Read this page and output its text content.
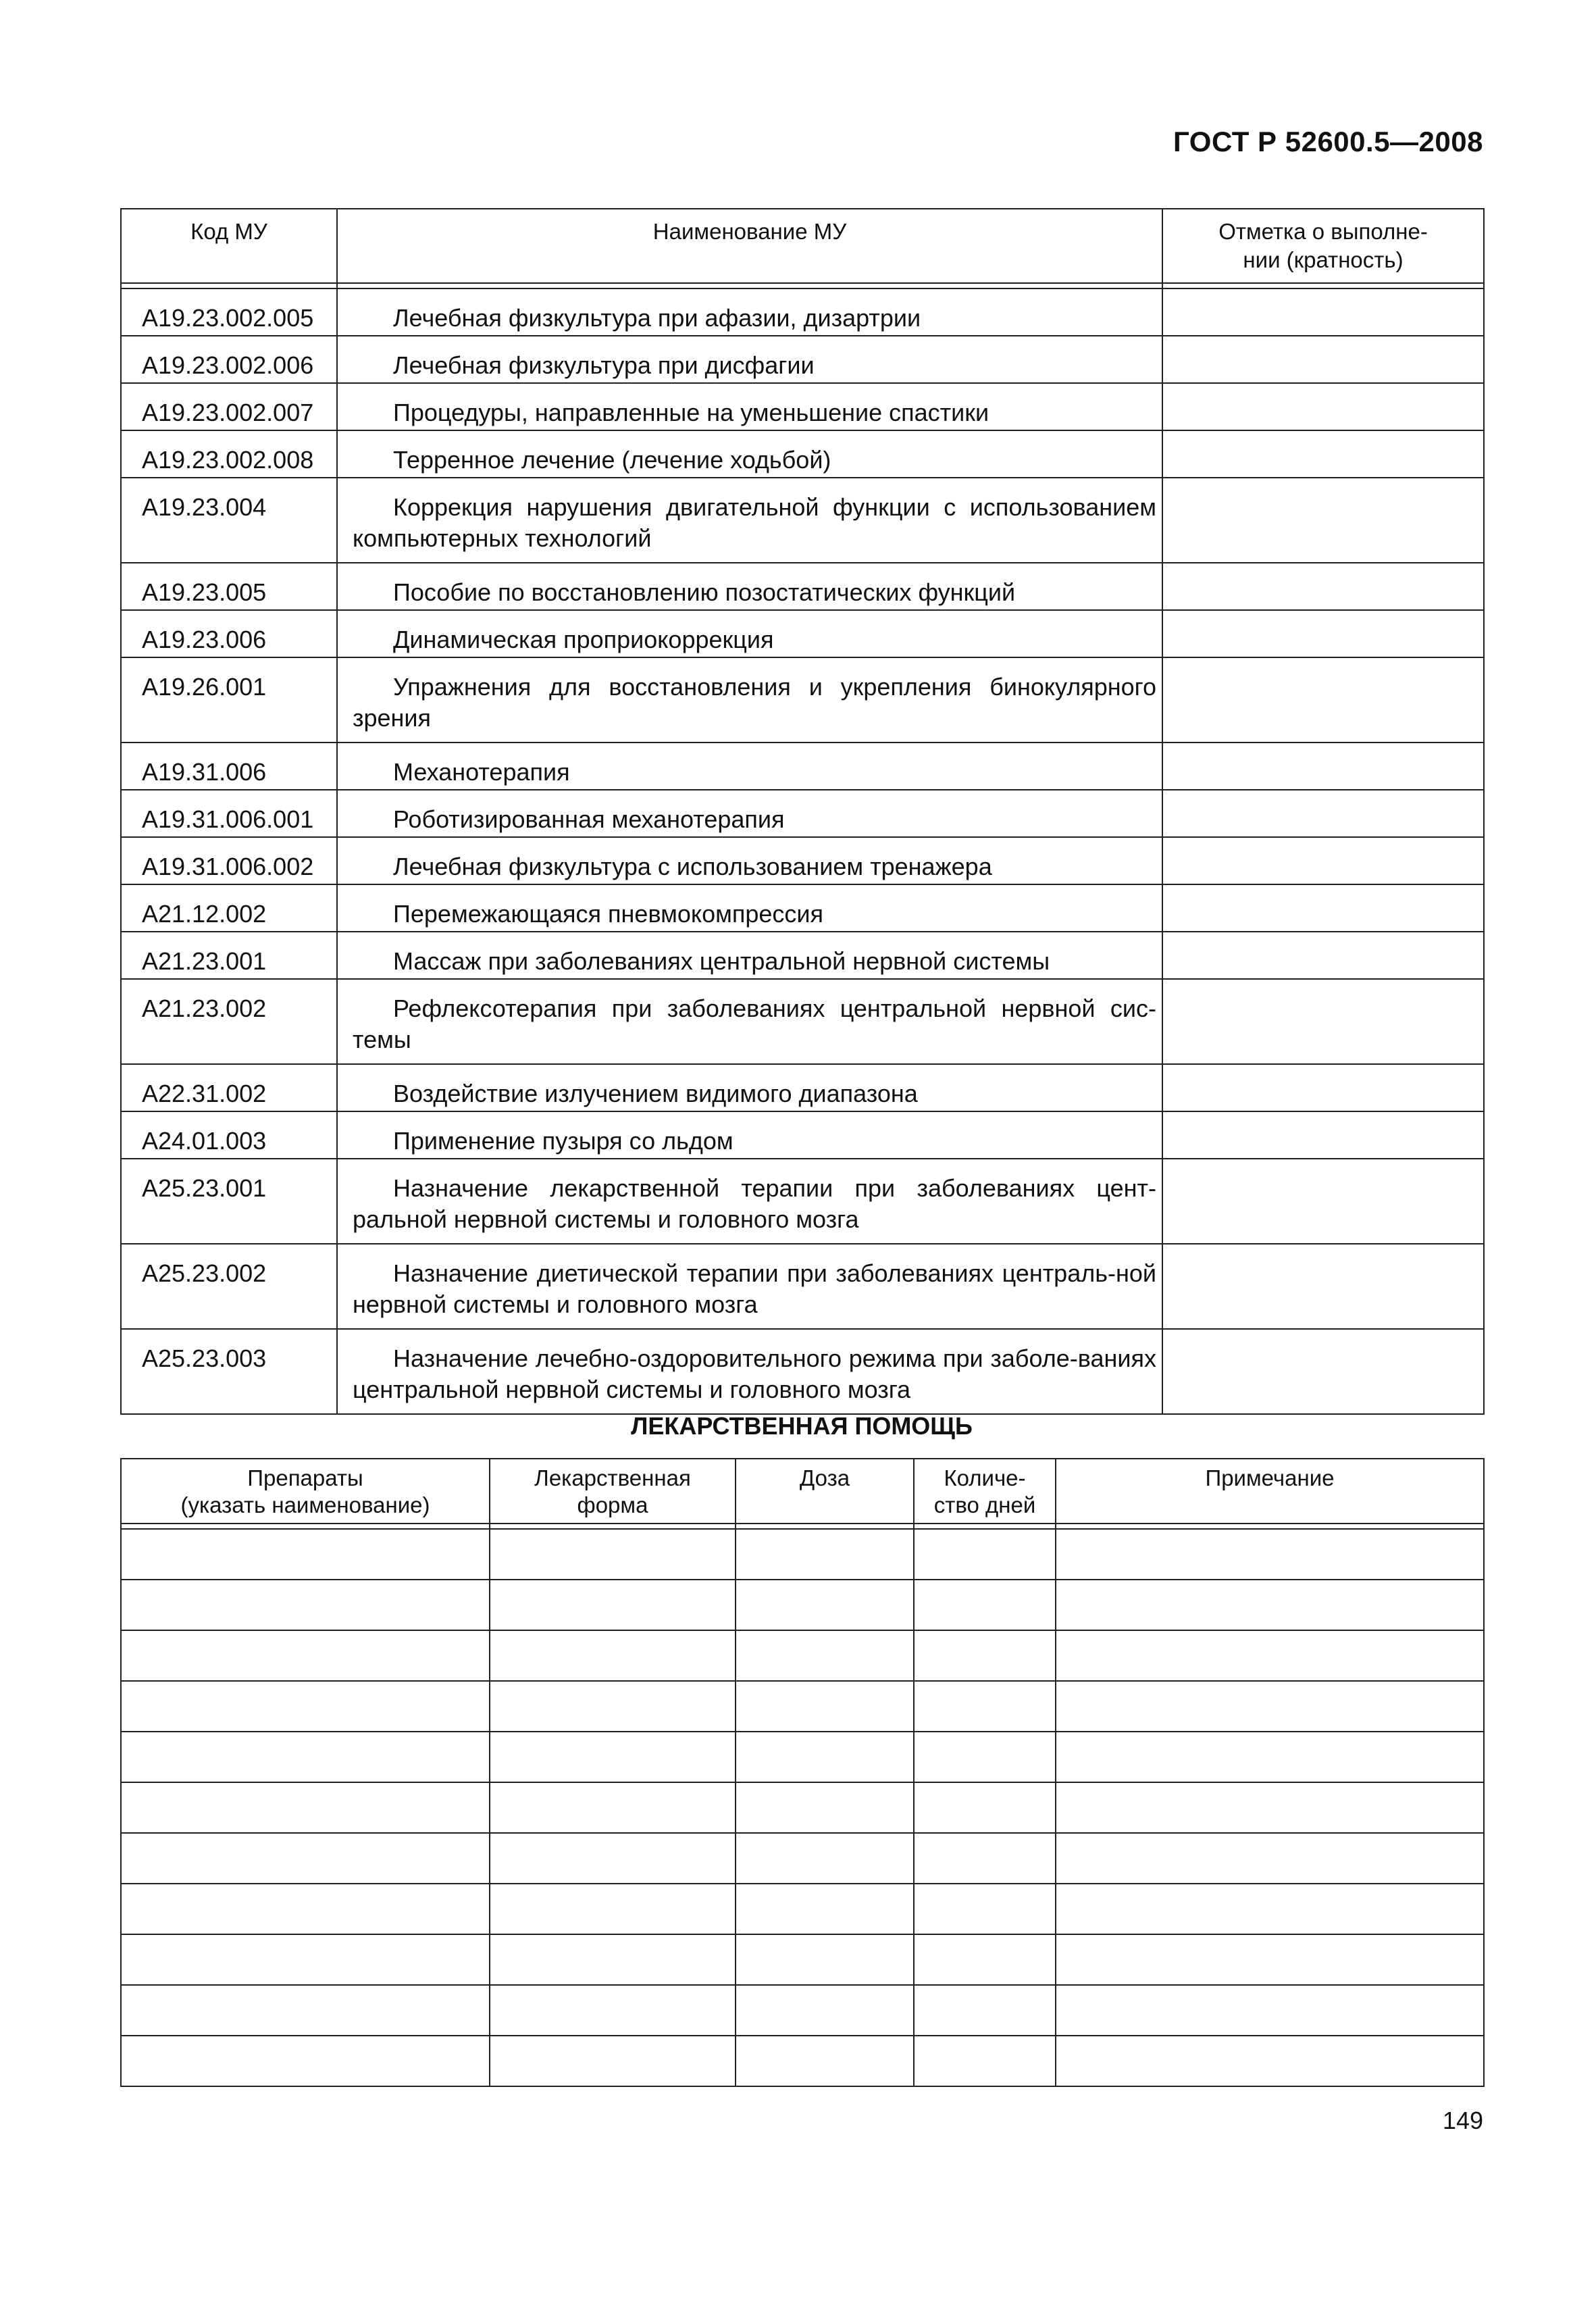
ГОСТ Р 52600.5—2008
Код МУ	Наименование МУ	Отметка о выполне-
нии (кратность)

A19.23.002.005	Лечебная физкультура при афазии, дизартрии	

A19.23.002.006	Лечебная физкультура при дисфагии	

A19.23.002.007	Процедуры, направленные на уменьшение спастики	

A19.23.002.008	Терренное лечение (лечение ходьбой)	

A19.23.004	Коррекция нарушения двигательной функции с использованием компьютерных технологий	

A19.23.005	Пособие по восстановлению позостатических функций	

A19.23.006	Динамическая проприокоррекция	

A19.26.001	Упражнения для восстановления и укрепления бинокулярного зрения	

A19.31.006	Механотерапия	

A19.31.006.001	Роботизированная механотерапия	

A19.31.006.002	Лечебная физкультура с использованием тренажера	

A21.12.002	Перемежающаяся пневмокомпрессия	

A21.23.001	Массаж при заболеваниях центральной нервной системы	

A21.23.002	Рефлексотерапия при заболеваниях центральной нервной сис-темы	

A22.31.002	Воздействие излучением видимого диапазона	

A24.01.003	Применение пузыря со льдом	

A25.23.001	Назначение лекарственной терапии при заболеваниях цент-ральной нервной системы и головного мозга	

A25.23.002	Назначение диетической терапии при заболеваниях централь-ной нервной системы и головного мозга	

A25.23.003	Назначение лечебно-оздоровительного режима при заболе-ваниях центральной нервной системы и головного мозга	

ЛЕКАРСТВЕННАЯ ПОМОЩЬ
Препараты
(указать наименование)	Лекарственная
форма	Доза	Количе-
ство дней	Примечание

149
